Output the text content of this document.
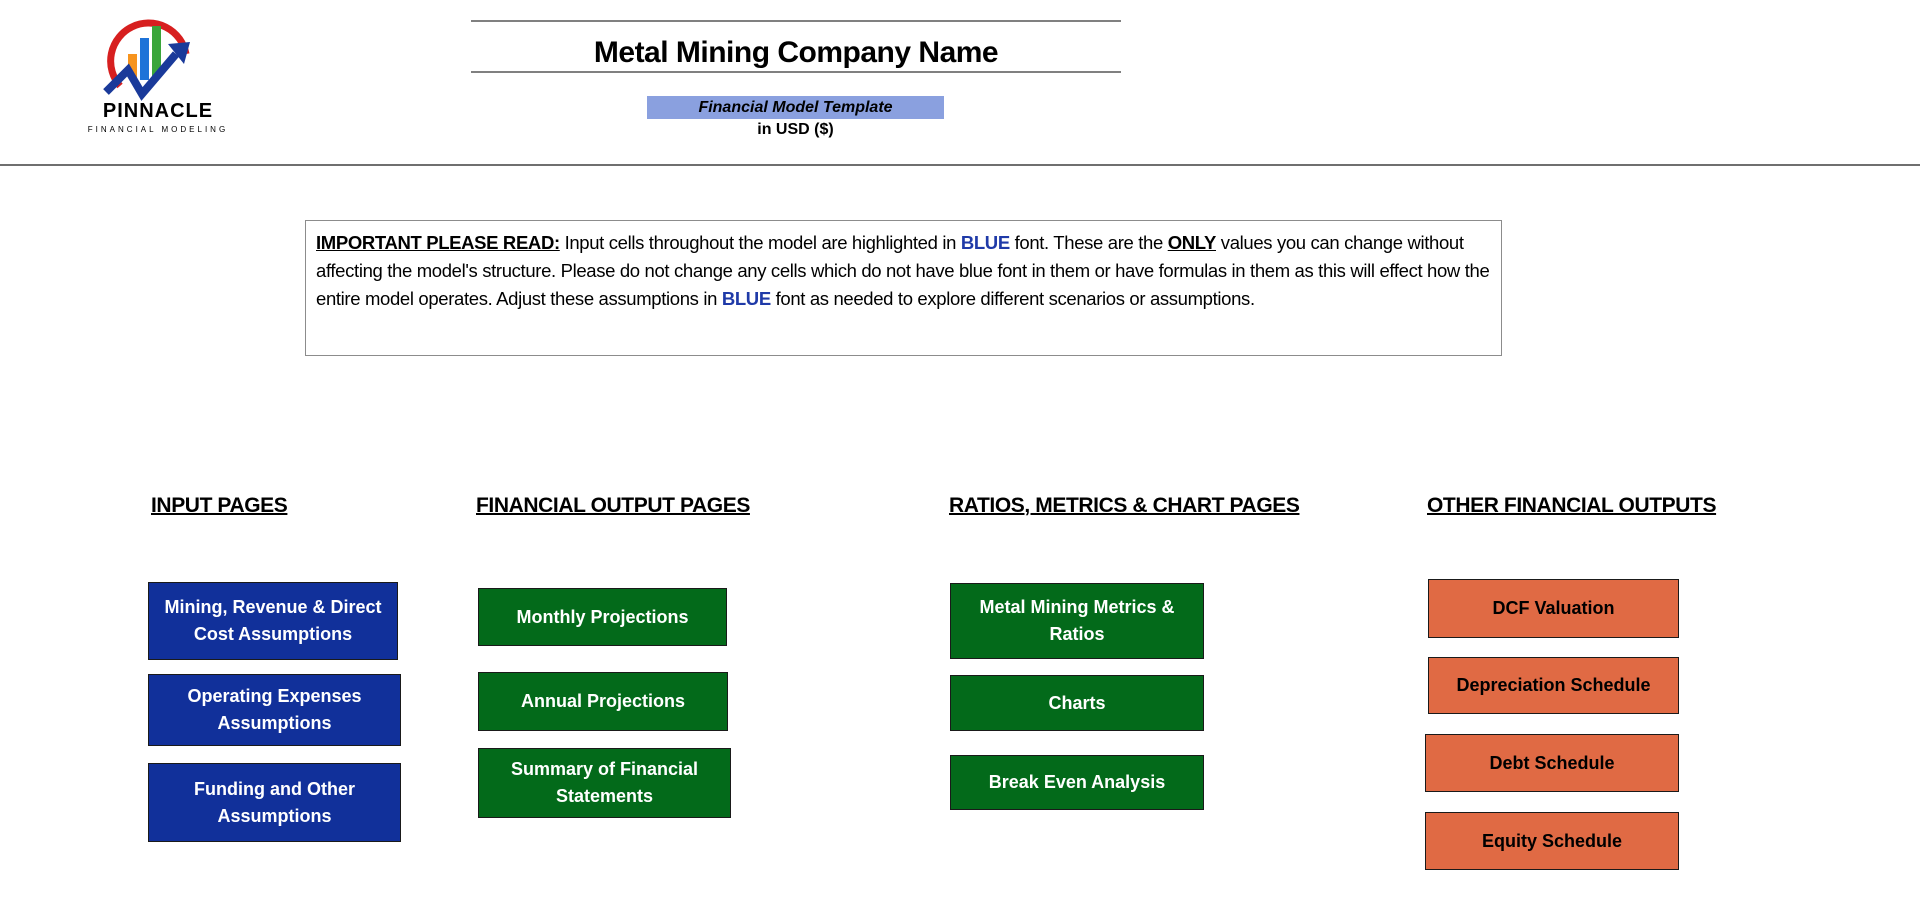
PINNACLE
FINANCIAL MODELING
Metal Mining Company Name
Financial Model Template
in USD ($)
IMPORTANT PLEASE READ: Input cells throughout the model are highlighted in BLUE font. These are the ONLY values you can change without affecting the model's structure. Please do not change any cells which do not have blue font in them or have formulas in them as this will effect how the entire model operates. Adjust these assumptions in BLUE font as needed to explore different scenarios or assumptions.
INPUT PAGES	FINANCIAL OUTPUT PAGES	RATIOS, METRICS & CHART PAGES	OTHER FINANCIAL OUTPUTS
Mining, Revenue & Direct Cost Assumptions
Operating Expenses Assumptions
Funding and Other Assumptions
Monthly Projections
Annual Projections
Summary of Financial Statements
Metal Mining Metrics & Ratios
Charts
Break Even Analysis
DCF Valuation
Depreciation Schedule
Debt Schedule
Equity Schedule
